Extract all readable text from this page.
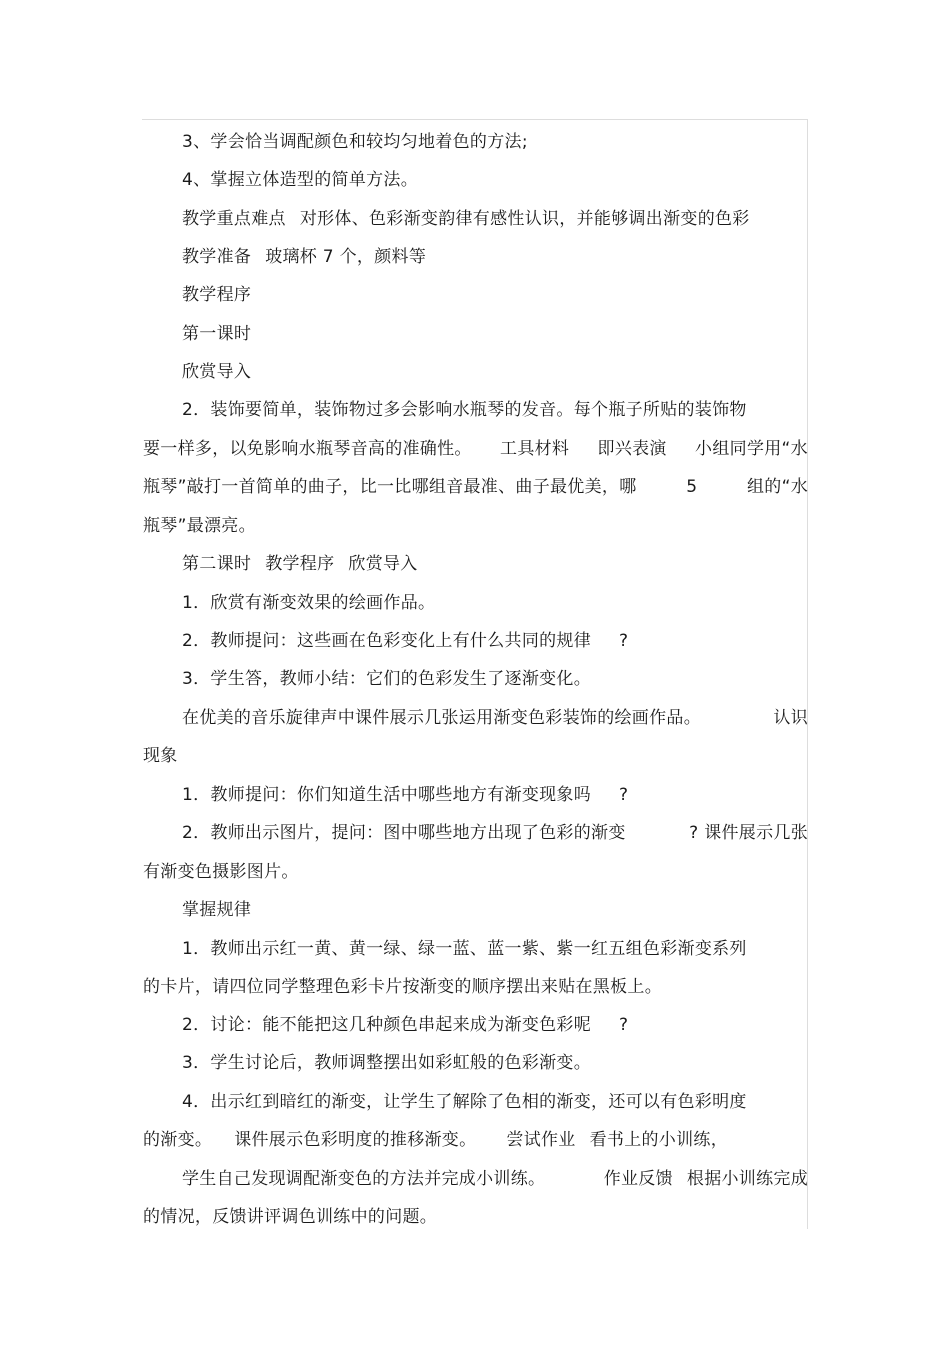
3、学会恰当调配颜色和较均匀地着色的方法;
4、掌握立体造型的简单方法。
教学重点难点 对形体、色彩渐变韵律有感性认识，并能够调出渐变的色彩
教学准备 玻璃杯 7 个，颜料等
教学程序
第一课时
欣赏导入
2．装饰要简单，装饰物过多会影响水瓶琴的发音。每个瓶子所贴的装饰物
要一样多，以免影响水瓶琴音高的准确性。 工具材料 即兴表演 小组同学用“水
瓶琴”敲打一首简单的曲子，比一比哪组音最准、曲子最优美，哪	5	组的“水
瓶琴”最漂亮。
第二课时 教学程序 欣赏导入
1．欣赏有渐变效果的绘画作品。
2．教师提问：这些画在色彩变化上有什么共同的规律 ?
3．学生答，教师小结：它们的色彩发生了逐渐变化。
在优美的音乐旋律声中课件展示几张运用渐变色彩装饰的绘画作品。	认识
现象
1．教师提问：你们知道生活中哪些地方有渐变现象吗 ?
2．教师出示图片，提问：图中哪些地方出现了色彩的渐变	? 课件展示几张
有渐变色摄影图片。
掌握规律
1．教师出示红一黄、黄一绿、绿一蓝、蓝一紫、紫一红五组色彩渐变系列
的卡片，请四位同学整理色彩卡片按渐变的顺序摆出来贴在黑板上。
2．讨论：能不能把这几种颜色串起来成为渐变色彩呢 ?
3．学生讨论后，教师调整摆出如彩虹般的色彩渐变。
4．出示红到暗红的渐变，让学生了解除了色相的渐变，还可以有色彩明度
的渐变。 课件展示色彩明度的推移渐变。 尝试作业 看书上的小训练，
学生自己发现调配渐变色的方法并完成小训练。	作业反馈 根据小训练完成
的情况，反馈讲评调色训练中的问题。
